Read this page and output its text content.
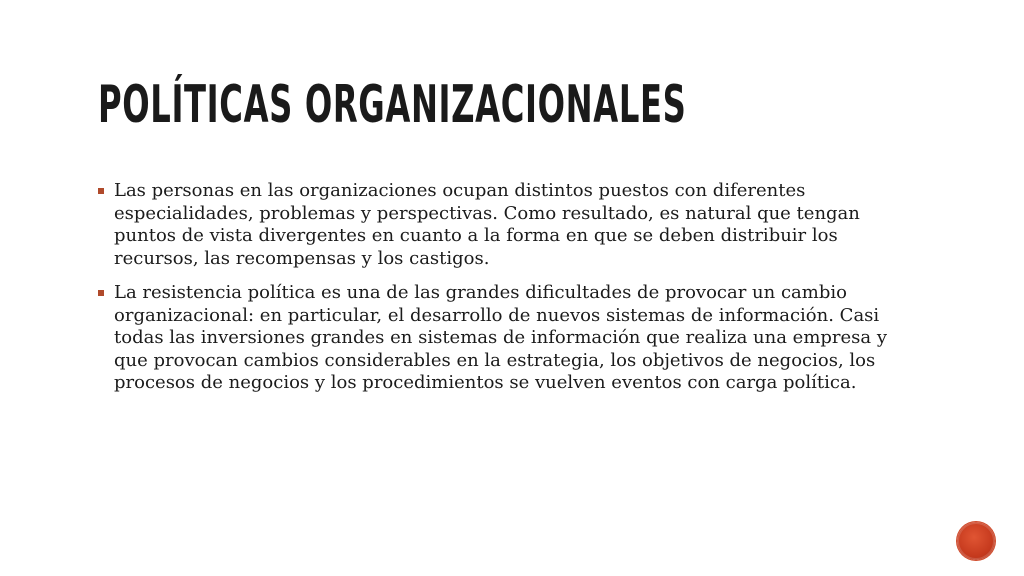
POLÍTICAS ORGANIZACIONALES
Las personas en las organizaciones ocupan distintos puestos con diferentes especialidades, problemas y perspectivas. Como resultado, es natural que tengan puntos de vista divergentes en cuanto a la forma en que se deben distribuir los recursos, las recompensas y los castigos.
La resistencia política es una de las grandes dificultades de provocar un cambio organizacional: en particular, el desarrollo de nuevos sistemas de información. Casi todas las inversiones grandes en sistemas de información que realiza una empresa y que provocan cambios considerables en la estrategia, los objetivos de negocios, los procesos de negocios y los procedimientos se vuelven eventos con carga política.
